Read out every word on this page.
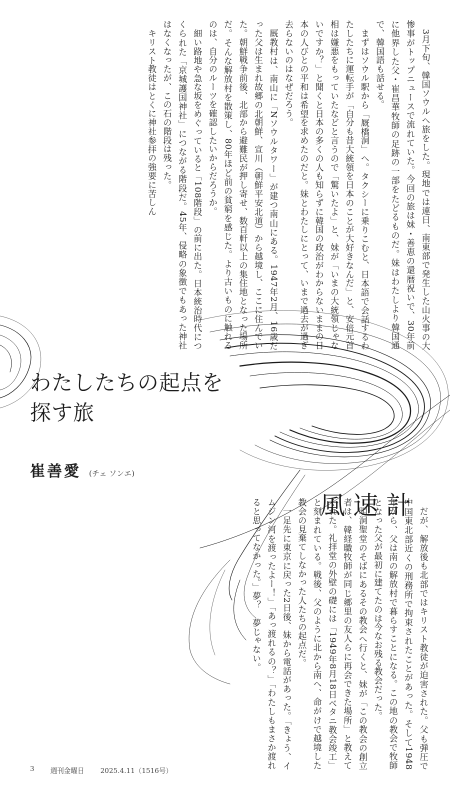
3月下旬、韓国ソウルへ旅をした。現地では連日、南東部で発生した山火事の大惨事がトップニュースで流れていた。今回の旅は妹・善恵の還暦祝いで、30年前に他界した父・崔昌華牧師の足跡の一部をたどるものだ。妹はわたしより韓国通で、韓国語も話せる。

まずはソウル駅から「厩橋洞」へ。タクシーに乗りこむと、日本語で会話するわたしたちに運転手が「自分も昔大統領を日本のことが大好きなんだ」と、安倍元首相は嫌悪をもっていたなどと言うので「驚いたよ」と、妹が「いまの大統領じゃないですか？」と聞くと日本の多くの人も知らずに韓国の政治がわからないままの日本の人びとの平和は希望を求めたのだと。妹とわたしにとって、いまで過去が過ぎ去らないのはなぜだろう。

厩教村は、南山に「Nソウルタワー」が建つ南山にある。1947年2月、16歳だった父は生まれ故郷の北朝鮮、宣川（朝鮮平安北道）から越境し、ここに住んでいた。朝鮮戦争前後、北部から避難民が押し寄せ、数百軒以上の集住地となった場所だ。そんな解放村を散策し、80年ほど前の貧窮を感じた。より古いものに触れるのは、自分のルーツを確認したいからだろうか。

細い路地や急な坂をめぐっていると「108階段」の前に出た。日本統治時代につくられた「京城護国神社」につながる階段だ。45年、侵略の象徴でもあった神社はなくなったが、この石の階段は残った。

キリスト教徒はとくに神社参拝の強要に苦しん

わたしたちの起点を
探す旅
崔善愛 (チェ ソンエ)
風速計

だが、解放後も北部ではキリスト教徒が迫害された。父も弾圧で中国東北部近くの刑務所で拘束されたことがあった。そして1948年から、父は南の解放村で暮らすことになる。この地の教会で牧師となった父が最初に建てたのは今なお残る教会だった。

明洞聖堂のそばにあるその教会へ行くと、妹が「この教会の創立者は、韓経職牧師が同じ郷里の友人らに再会できた場所」と教えてくれた。礼拝堂の外壁の礎には「1949年8月18日ベタニ教会竣工」と刻まれている。戦後、父のように北から南へ、命がけで越境した教会の見棄てしなかった人たちの起点だ。

一足先に東京に戻った2日後、妹から電話があった。「きょう、イムジン河を渡ったよー！」「あっ渡れるの？」「わたしもまさか渡れると思ってなかった。」夢？　夢じゃない。

3 週刊金曜日 2025.4.11（1516号）
